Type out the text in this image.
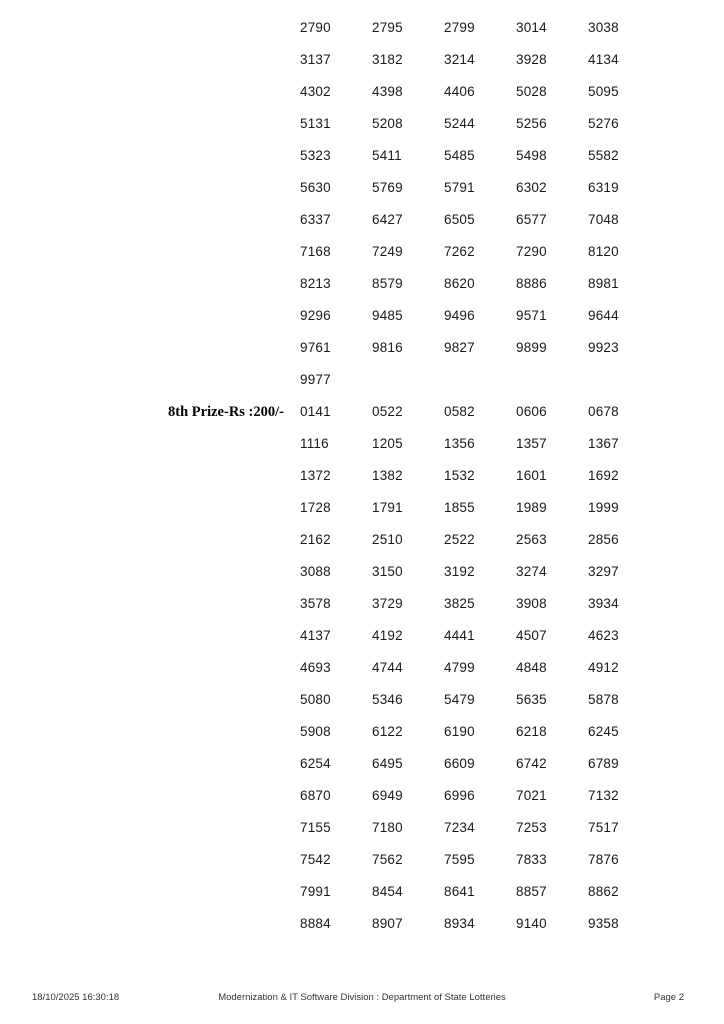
2790	2795	2799	3014	3038
3137	3182	3214	3928	4134
4302	4398	4406	5028	5095
5131	5208	5244	5256	5276
5323	5411	5485	5498	5582
5630	5769	5791	6302	6319
6337	6427	6505	6577	7048
7168	7249	7262	7290	8120
8213	8579	8620	8886	8981
9296	9485	9496	9571	9644
9761	9816	9827	9899	9923
9977
8th Prize-Rs :200/-	0141	0522	0582	0606	0678
1116	1205	1356	1357	1367
1372	1382	1532	1601	1692
1728	1791	1855	1989	1999
2162	2510	2522	2563	2856
3088	3150	3192	3274	3297
3578	3729	3825	3908	3934
4137	4192	4441	4507	4623
4693	4744	4799	4848	4912
5080	5346	5479	5635	5878
5908	6122	6190	6218	6245
6254	6495	6609	6742	6789
6870	6949	6996	7021	7132
7155	7180	7234	7253	7517
7542	7562	7595	7833	7876
7991	8454	8641	8857	8862
8884	8907	8934	9140	9358
18/10/2025 16:30:18	Modernization & IT Software Division : Department of State Lotteries	Page 2
